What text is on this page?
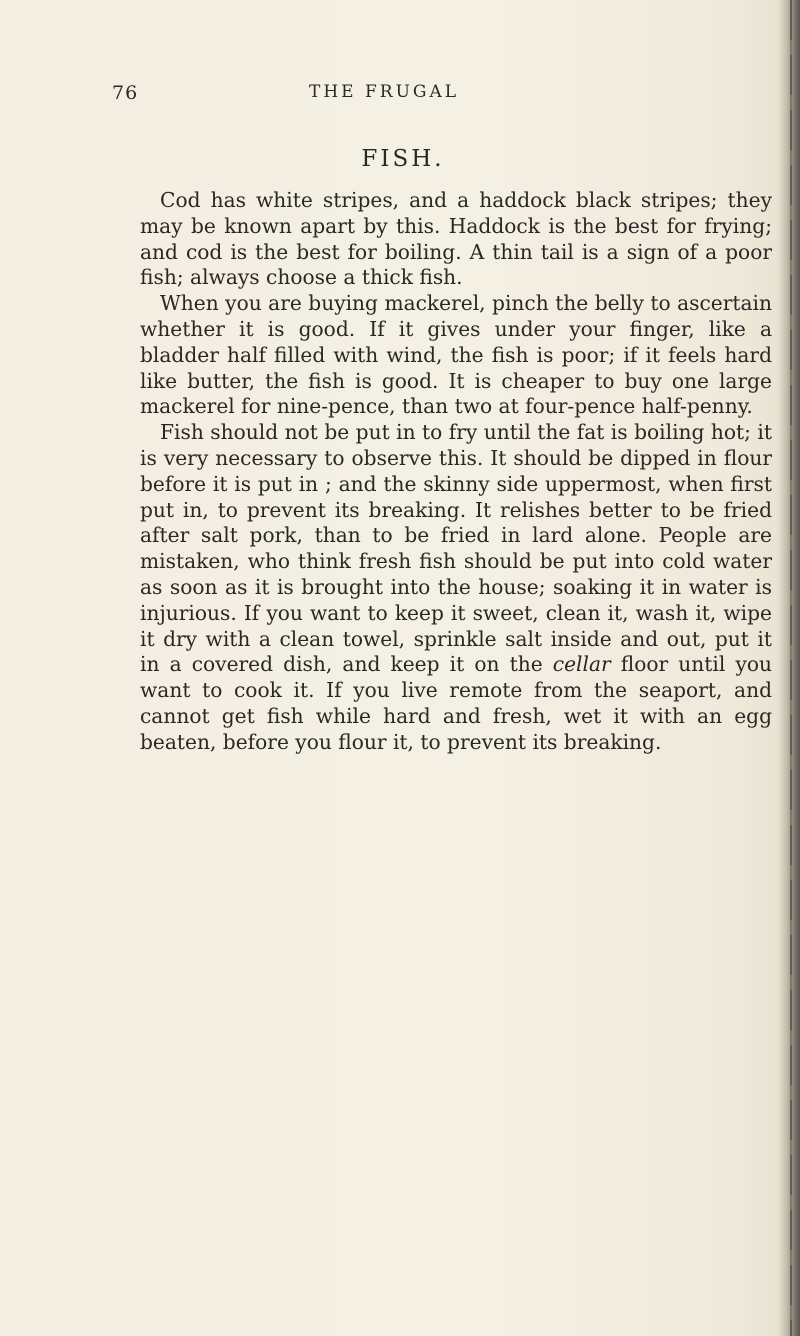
76	THE FRUGAL
FISH.

Cod has white stripes, and a haddock black stripes; they may be known apart by this. Haddock is the best for frying; and cod is the best for boiling. A thin tail is a sign of a poor fish; always choose a thick fish.

When you are buying mackerel, pinch the belly to ascertain whether it is good. If it gives under your finger, like a bladder half filled with wind, the fish is poor; if it feels hard like butter, the fish is good. It is cheaper to buy one large mackerel for nine-pence, than two at four-pence half-penny.

Fish should not be put in to fry until the fat is boiling hot; it is very necessary to observe this. It should be dipped in flour before it is put in ; and the skinny side uppermost, when first put in, to prevent its breaking. It relishes better to be fried after salt pork, than to be fried in lard alone. People are mistaken, who think fresh fish should be put into cold water as soon as it is brought into the house; soaking it in water is injurious. If you want to keep it sweet, clean it, wash it, wipe it dry with a clean towel, sprinkle salt inside and out, put it in a covered dish, and keep it on the cellar floor until you want to cook it. If you live remote from the seaport, and cannot get fish while hard and fresh, wet it with an egg beaten, before you flour it, to prevent its breaking.
